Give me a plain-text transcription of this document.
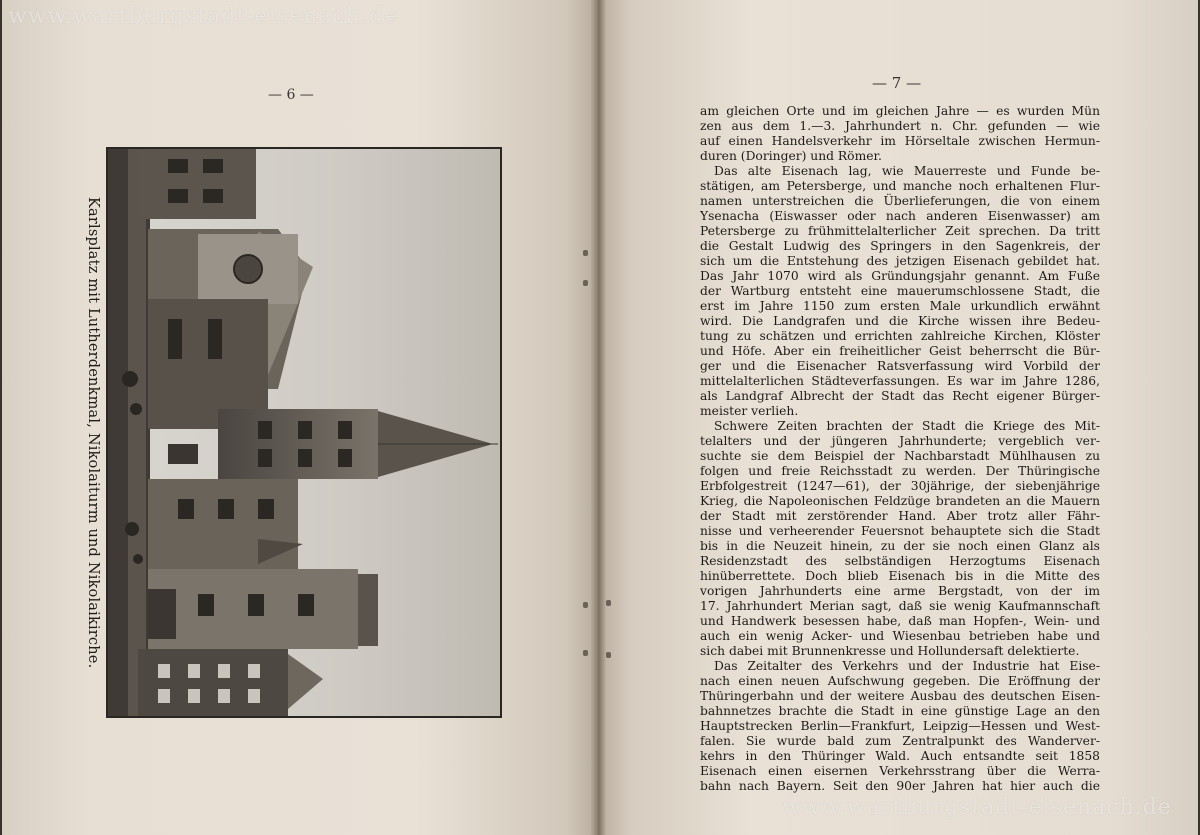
www.wartburgstadt-eisenach.de
www.wartburgstadt-eisenach.de
— 6 —
Karlsplatz mit Lutherdenkmal, Nikolaiturm und Nikolaikirche.
— 7 —
am gleichen Orte und im gleichen Jahre — es wurden Mün
zen aus dem 1.—3. Jahrhundert n. Chr. gefunden — wie
auf einen Handelsverkehr im Hörseltale zwischen Hermun-
duren (Doringer) und Römer.
Das alte Eisenach lag, wie Mauerreste und Funde be-
stätigen, am Petersberge, und manche noch erhaltenen Flur-
namen unterstreichen die Überlieferungen, die von einem
Ysenacha (Eiswasser oder nach anderen Eisenwasser) am
Petersberge zu frühmittelalterlicher Zeit sprechen. Da tritt
die Gestalt Ludwig des Springers in den Sagenkreis, der
sich um die Entstehung des jetzigen Eisenach gebildet hat.
Das Jahr 1070 wird als Gründungsjahr genannt. Am Fuße
der Wartburg entsteht eine mauerumschlossene Stadt, die
erst im Jahre 1150 zum ersten Male urkundlich erwähnt
wird. Die Landgrafen und die Kirche wissen ihre Bedeu-
tung zu schätzen und errichten zahlreiche Kirchen, Klöster
und Höfe. Aber ein freiheitlicher Geist beherrscht die Bür-
ger und die Eisenacher Ratsverfassung wird Vorbild der
mittelalterlichen Städteverfassungen. Es war im Jahre 1286,
als Landgraf Albrecht der Stadt das Recht eigener Bürger-
meister verlieh.
Schwere Zeiten brachten der Stadt die Kriege des Mit-
telalters und der jüngeren Jahrhunderte; vergeblich ver-
suchte sie dem Beispiel der Nachbarstadt Mühlhausen zu
folgen und freie Reichsstadt zu werden. Der Thüringische
Erbfolgestreit (1247—61), der 30jährige, der siebenjährige
Krieg, die Napoleonischen Feldzüge brandeten an die Mauern
der Stadt mit zerstörender Hand. Aber trotz aller Fähr-
nisse und verheerender Feuersnot behauptete sich die Stadt
bis in die Neuzeit hinein, zu der sie noch einen Glanz als
Residenzstadt des selbständigen Herzogtums Eisenach
hinüberrettete. Doch blieb Eisenach bis in die Mitte des
vorigen Jahrhunderts eine arme Bergstadt, von der im
17. Jahrhundert Merian sagt, daß sie wenig Kaufmannschaft
und Handwerk besessen habe, daß man Hopfen-, Wein- und
auch ein wenig Acker- und Wiesenbau betrieben habe und
sich dabei mit Brunnenkresse und Hollundersaft delektierte.
Das Zeitalter des Verkehrs und der Industrie hat Eise-
nach einen neuen Aufschwung gegeben. Die Eröffnung der
Thüringerbahn und der weitere Ausbau des deutschen Eisen-
bahnnetzes brachte die Stadt in eine günstige Lage an den
Hauptstrecken Berlin—Frankfurt, Leipzig—Hessen und West-
falen. Sie wurde bald zum Zentralpunkt des Wanderver-
kehrs in den Thüringer Wald. Auch entsandte seit 1858
Eisenach einen eisernen Verkehrsstrang über die Werra-
bahn nach Bayern. Seit den 90er Jahren hat hier auch die
